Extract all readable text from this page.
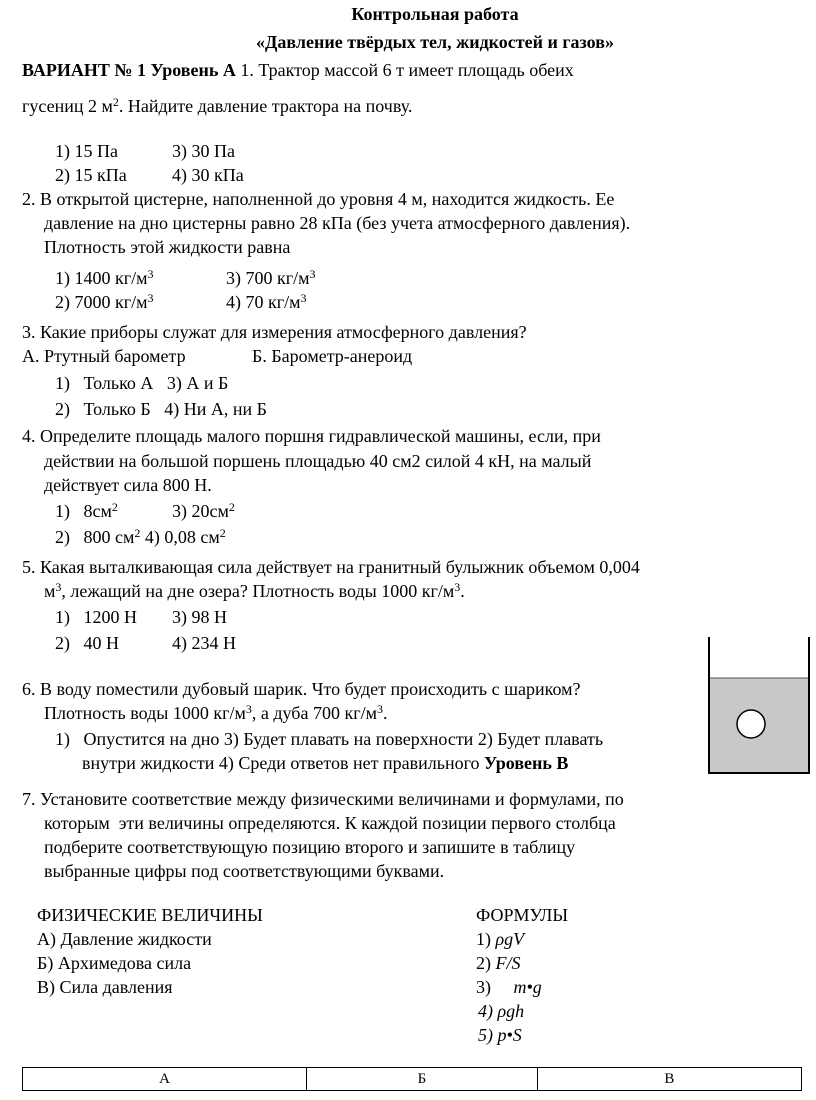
Контрольная работа
«Давление твёрдых тел, жидкостей и газов»
ВАРИАНТ № 1 Уровень А 1. Трактор массой 6 т имеет площадь обеих
гусениц 2 $м^2$. Найдите давление трактора на почву.
1) 15 Па	3) 30 Па
2) 15 кПа	4) 30 кПа
2. В открытой цистерне, наполненной до уровня 4 м, находится жидкость. Ее
давление на дно цистерны равно 28 кПа (без учета атмосферного давления).
Плотность этой жидкости равна
1) 1400 $кг/м^3$	3) 700 $кг/м^3$
2) 7000 $кг/м^3$	4) 70 $кг/м^3$
3. Какие приборы служат для измерения атмосферного давления?
А. Ртутный барометр	Б. Барометр-анероид
1)   Только А   3) А и Б
2)   Только Б   4) Ни А, ни Б
4. Определите площадь малого поршня гидравлической машины, если, при
действии на большой поршень площадью 40 см2 силой 4 кН, на малый
действует сила 800 Н.
1)   $8см^2$	3) $20см^2$
2)   800 $см^2$ 4) 0,08 $см^2$
5. Какая выталкивающая сила действует на гранитный булыжник объемом 0,004
$м^3$, лежащий на дне озера? Плотность воды 1000 $кг/м^3$.
1)   1200 Н 3) 98 Н
2)   40 Н	4) 234 Н
6. В воду поместили дубовый шарик. Что будет происходить с шариком?
Плотность воды 1000 $кг/м^3$, а дуба 700 $кг/м^3$.
1)   Опустится на дно 3) Будет плавать на поверхности 2) Будет плавать
внутри жидкости 4) Среди ответов нет правильного Уровень В
7. Установите соответствие между физическими величинами и формулами, по
которым  эти величины определяются. К каждой позиции первого столбца
подберите соответствующую позицию второго и запишите в таблицу
выбранные цифры под соответствующими буквами.
ФИЗИЧЕСКИЕ ВЕЛИЧИНЫ	ФОРМУЛЫ
А) Давление жидкости
Б) Архимедова сила
В) Сила давления
1) ρgV
2) F/S
3)     m•g
4) ρgh
5) p•S
А	Б	В
